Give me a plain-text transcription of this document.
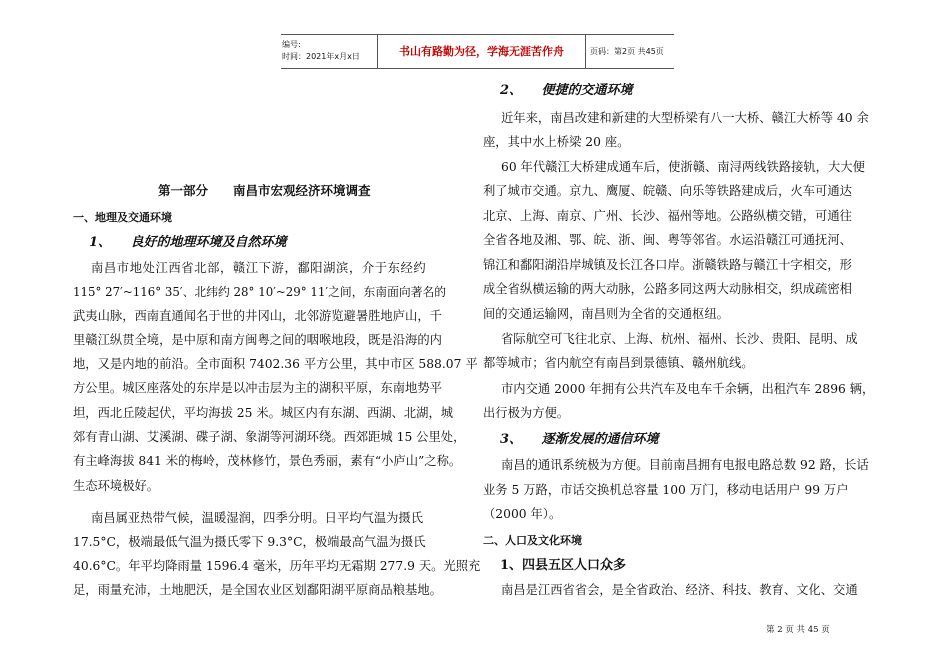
编号:
时间：2021年x月x日	书山有路勤为径，学海无涯苦作舟	页码：第2页 共45页
第一部分　　南昌市宏观经济环境调查
一、地理及交通环境
1、　　良好的地理环境及自然环境
南昌市地处江西省北部，赣江下游，鄱阳湖滨，介于东经约
115° 27′~116° 35′、北纬约 28° 10′~29° 11′之间，东南面向著名的
武夷山脉，西南直通闻名于世的井冈山，北邻游览避暑胜地庐山，千
里赣江纵贯全境，是中原和南方闽粤之间的咽喉地段，既是沿海的内
地，又是内地的前沿。全市面积 7402.36 平方公里，其中市区 588.07 平
方公里。城区座落处的东岸是以冲击层为主的湖积平原，东南地势平
坦，西北丘陵起伏，平均海拔 25 米。城区内有东湖、西湖、北湖，城
郊有青山湖、艾溪湖、碟子湖、象湖等河湖环绕。西郊距城 15 公里处，
有主峰海拔 841 米的梅岭，茂林修竹，景色秀丽，素有“小庐山”之称。
生态环境极好。
南昌属亚热带气候，温暖湿润，四季分明。日平均气温为摄氏
17.5°C，极端最低气温为摄氏零下 9.3°C，极端最高气温为摄氏
40.6°C。年平均降雨量 1596.4 毫米，历年平均无霜期 277.9 天。光照充
足，雨量充沛，土地肥沃，是全国农业区划鄱阳湖平原商品粮基地。
2、　　便捷的交通环境
近年来，南昌改建和新建的大型桥梁有八一大桥、赣江大桥等 40 余
座，其中水上桥梁 20 座。
60 年代赣江大桥建成通车后，使浙赣、南浔两线铁路接轨，大大便
利了城市交通。京九、鹰厦、皖赣、向乐等铁路建成后，火车可通达
北京、上海、南京、广州、长沙、福州等地。公路纵横交错，可通往
全省各地及湘、鄂、皖、浙、闽、粤等邻省。水运沿赣江可通抚河、
锦江和鄱阳湖沿岸城镇及长江各口岸。浙赣铁路与赣江十字相交，形
成全省纵横运输的两大动脉，公路多同这两大动脉相交，织成疏密相
间的交通运输网，南昌则为全省的交通枢纽。
省际航空可飞往北京、上海、杭州、福州、长沙、贵阳、昆明、成
都等城市；省内航空有南昌到景德镇、赣州航线。
市内交通 2000 年拥有公共汽车及电车千余辆，出租汽车 2896 辆，
出行极为方便。
3、　　逐渐发展的通信环境
南昌的通讯系统极为方便。目前南昌拥有电报电路总数 92 路，长话
业务 5 万路，市话交换机总容量 100 万门，移动电话用户 99 万户
（2000 年）。
二、人口及文化环境
1、四县五区人口众多
南昌是江西省省会，是全省政治、经济、科技、教育、文化、交通
第 2 页 共 45 页
